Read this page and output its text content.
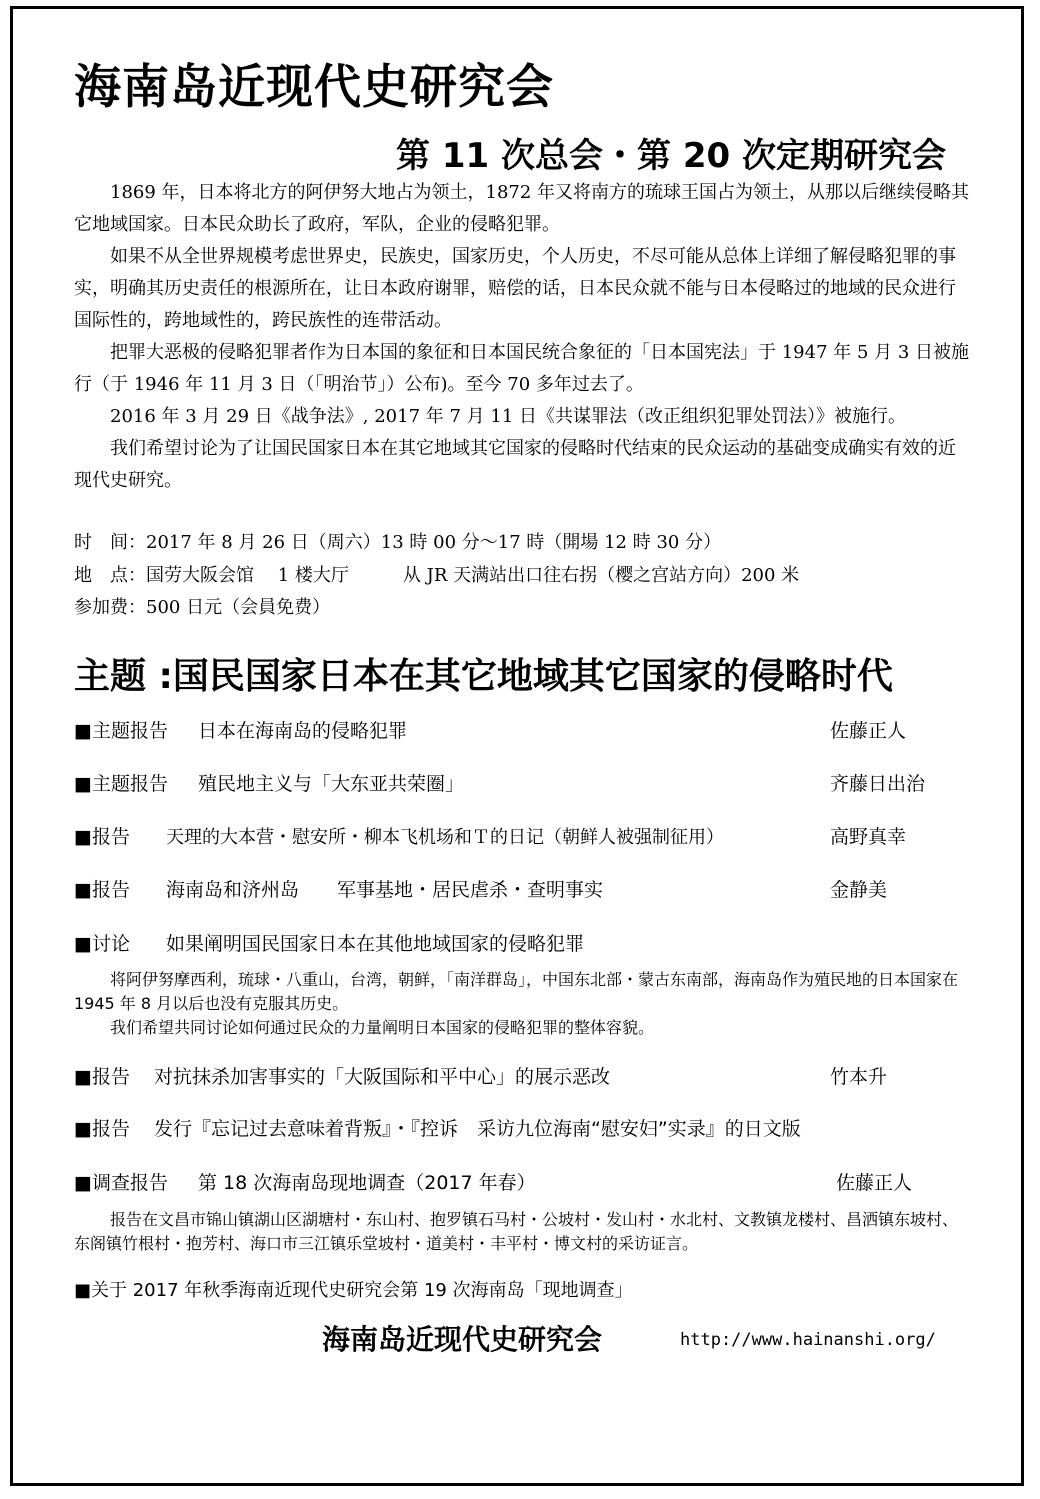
海南岛近现代史研究会
第 11 次总会・第 20 次定期研究会

1869 年，日本将北方的阿伊努大地占为领土，1872 年又将南方的琉球王国占为领土，从那以后继续侵略其它地域国家。日本民众助长了政府，军队，企业的侵略犯罪。

如果不从全世界规模考虑世界史，民族史，国家历史，个人历史，不尽可能从总体上详细了解侵略犯罪的事实，明确其历史责任的根源所在，让日本政府谢罪，赔偿的话，日本民众就不能与日本侵略过的地域的民众进行国际性的，跨地域性的，跨民族性的连带活动。

把罪大恶极的侵略犯罪者作为日本国的象征和日本国民统合象征的「日本国宪法」于 1947 年 5 月 3 日被施行（于 1946 年 11 月 3 日（「明治节」）公布)。至今 70 多年过去了。

2016 年 3 月 29 日《战争法》, 2017 年 7 月 11 日《共谋罪法（改正组织犯罪处罚法）》被施行。

我们希望讨论为了让国民国家日本在其它地域其它国家的侵略时代结束的民众运动的基础变成确实有效的近现代史研究。

时　间：2017 年 8 月 26 日（周六）13 時 00 分～17 時（開場 12 時 30 分）
地　点：国劳大阪会馆　 1 楼大厅　　　从 JR 天满站出口往右拐（樱之宫站方向）200 米
参加费：500 日元（会員免费）
主题 :国民国家日本在其它地域其它国家的侵略时代
■主题报告 日本在海南岛的侵略犯罪	佐藤正人
■主题报告 殖民地主义与「大东亚共荣圈」	齐藤日出治
■报告 天理的大本营・慰安所・柳本飞机场和Ｔ的日记（朝鲜人被强制征用）	高野真幸
■报告 海南岛和济州岛　　军事基地・居民虐杀・查明事实	金静美
■讨论 如果阐明国民国家日本在其他地域国家的侵略犯罪

将阿伊努摩西利，琉球・八重山，台湾，朝鲜，「南洋群岛」，中国东北部・蒙古东南部，海南岛作为殖民地的日本国家在 1945 年 8 月以后也没有克服其历史。

我们希望共同讨论如何通过民众的力量阐明日本国家的侵略犯罪的整体容貌。

■报告 对抗抹杀加害事实的「大阪国际和平中心」的展示恶改	竹本升
■报告 发行『忘记过去意味着背叛』・『控诉　采访九位海南“慰安妇”实录』的日文版
■调查报告 第 18 次海南岛现地调查（2017 年春）	佐藤正人

报告在文昌市锦山镇湖山区湖塘村・东山村、抱罗镇石马村・公坡村・发山村・水北村、文教镇龙楼村、昌洒镇东坡村、东阁镇竹根村・抱芳村、海口市三江镇乐堂坡村・道美村・丰平村・博文村的采访证言。

■关于 2017 年秋季海南近现代史研究会第 19 次海南岛「现地调查」
海南岛近现代史研究会	http://www.hainanshi.org/
